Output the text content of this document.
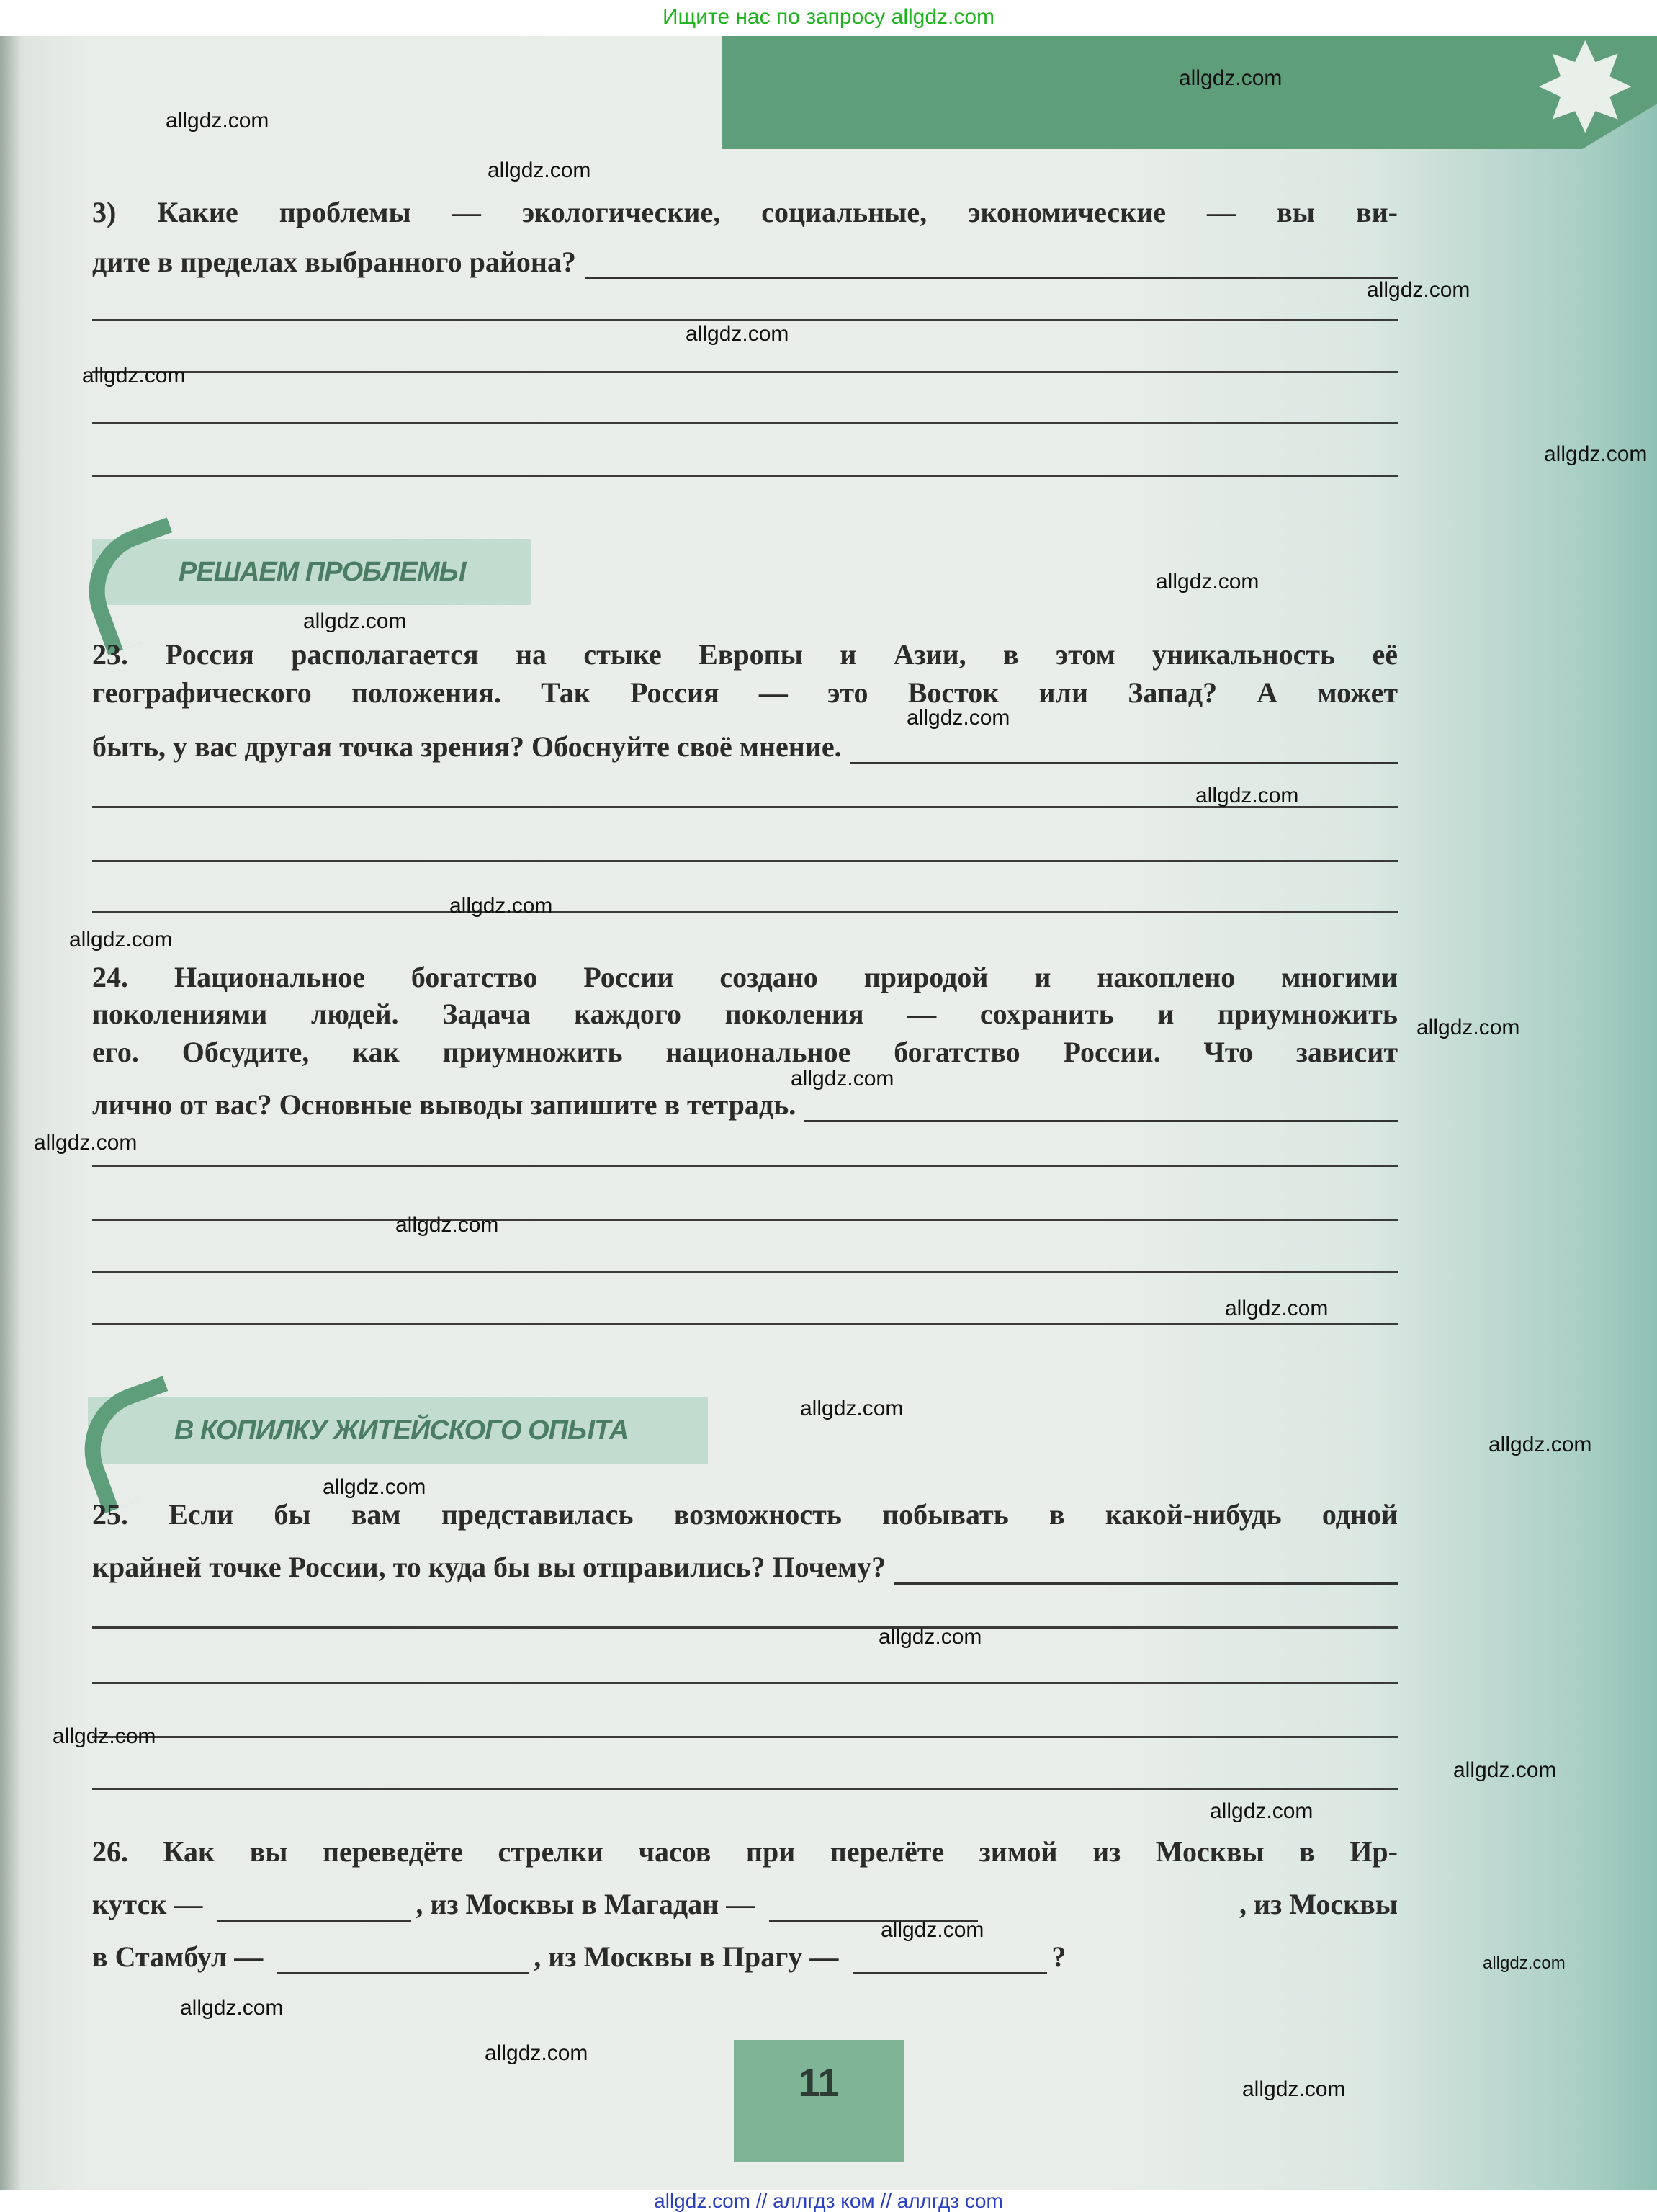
Ищите нас по запросу allgdz.com
✸
3) Какие проблемы — экологические, социальные, экономические — вы ви-
дите в пределах выбранного района?
РЕШАЕМ ПРОБЛЕМЫ
23. Россия располагается на стыке Европы и Азии, в этом уникальность её
географического положения. Так Россия — это Восток или Запад? А может
быть, у вас другая точка зрения? Обоснуйте своё мнение.
24. Национальное богатство России создано природой и накоплено многими
поколениями людей. Задача каждого поколения — сохранить и приумножить
его. Обсудите, как приумножить национальное богатство России. Что зависит
лично от вас? Основные выводы запишите в тетрадь.
В КОПИЛКУ ЖИТЕЙСКОГО ОПЫТА
25. Если бы вам представилась возможность побывать в какой-нибудь одной
крайней точке России, то куда бы вы отправились? Почему?
26. Как вы переведёте стрелки часов при перелёте зимой из Москвы в Ир-
кутск —	, из Москвы в Магадан —	, из Москвы
в Стамбул —	, из Москвы в Прагу —	?
11
allgdz.com
allgdz.com
allgdz.com
allgdz.com
allgdz.com
allgdz.com
allgdz.com
allgdz.com
allgdz.com
allgdz.com
allgdz.com
allgdz.com
allgdz.com
allgdz.com
allgdz.com
allgdz.com
allgdz.com
allgdz.com
allgdz.com
allgdz.com
allgdz.com
allgdz.com
allgdz.com
allgdz.com
allgdz.com
allgdz.com
allgdz.com
allgdz.com
allgdz.com
allgdz.com
allgdz.com // аллгдз ком // аллгдз com
